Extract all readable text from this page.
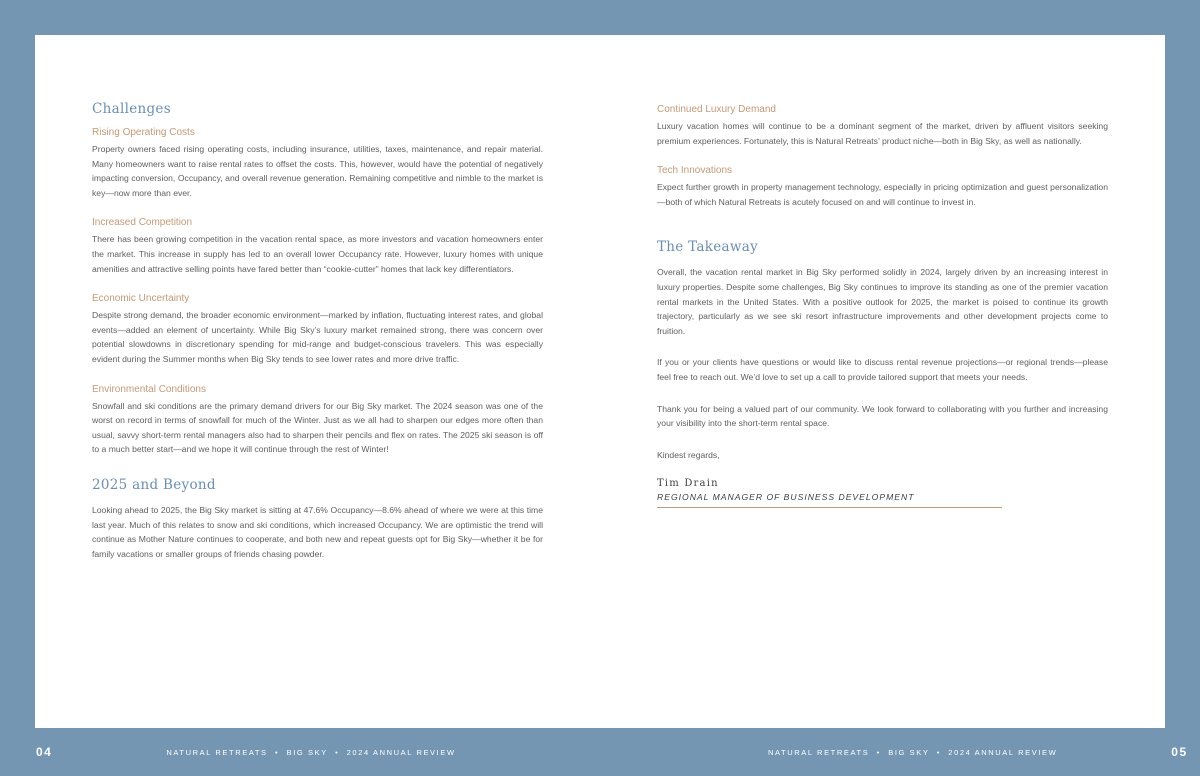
Challenges
Rising Operating Costs

Property owners faced rising operating costs, including insurance, utilities, taxes, maintenance, and repair material. Many homeowners want to raise rental rates to offset the costs. This, however, would have the potential of negatively impacting conversion, Occupancy, and overall revenue generation. Remaining competitive and nimble to the market is key—now more than ever.

Increased Competition

There has been growing competition in the vacation rental space, as more investors and vacation homeowners enter the market. This increase in supply has led to an overall lower Occupancy rate. However, luxury homes with unique amenities and attractive selling points have fared better than “cookie-cutter” homes that lack key differentiators.

Economic Uncertainty

Despite strong demand, the broader economic environment—marked by inflation, fluctuating interest rates, and global events—added an element of uncertainty. While Big Sky’s luxury market remained strong, there was concern over potential slowdowns in discretionary spending for mid-range and budget-conscious travelers. This was especially evident during the Summer months when Big Sky tends to see lower rates and more drive traffic.

Environmental Conditions

Snowfall and ski conditions are the primary demand drivers for our Big Sky market. The 2024 season was one of the worst on record in terms of snowfall for much of the Winter. Just as we all had to sharpen our edges more often than usual, savvy short-term rental managers also had to sharpen their pencils and flex on rates. The 2025 ski season is off to a much better start—and we hope it will continue through the rest of Winter!

2025 and Beyond

Looking ahead to 2025, the Big Sky market is sitting at 47.6% Occupancy—8.6% ahead of where we were at this time last year. Much of this relates to snow and ski conditions, which increased Occupancy. We are optimistic the trend will continue as Mother Nature continues to cooperate, and both new and repeat guests opt for Big Sky—whether it be for family vacations or smaller groups of friends chasing powder.

Continued Luxury Demand

Luxury vacation homes will continue to be a dominant segment of the market, driven by affluent visitors seeking premium experiences. Fortunately, this is Natural Retreats’ product niche—both in Big Sky, as well as nationally.

Tech Innovations

Expect further growth in property management technology, especially in pricing optimization and guest personalization—both of which Natural Retreats is acutely focused on and will continue to invest in.

The Takeaway

Overall, the vacation rental market in Big Sky performed solidly in 2024, largely driven by an increasing interest in luxury properties. Despite some challenges, Big Sky continues to improve its standing as one of the premier vacation rental markets in the United States. With a positive outlook for 2025, the market is poised to continue its growth trajectory, particularly as we see ski resort infrastructure improvements and other development projects come to fruition.

If you or your clients have questions or would like to discuss rental revenue projections—or regional trends—please feel free to reach out. We’d love to set up a call to provide tailored support that meets your needs.

Thank you for being a valued part of our community. We look forward to collaborating with you further and increasing your visibility into the short-term rental space.

Kindest regards,

Tim Drain
REGIONAL MANAGER OF BUSINESS DEVELOPMENT
04	NATURAL RETREATS  •  BIG SKY  •  2024 ANNUAL REVIEW	NATURAL RETREATS  •  BIG SKY  •  2024 ANNUAL REVIEW	05
